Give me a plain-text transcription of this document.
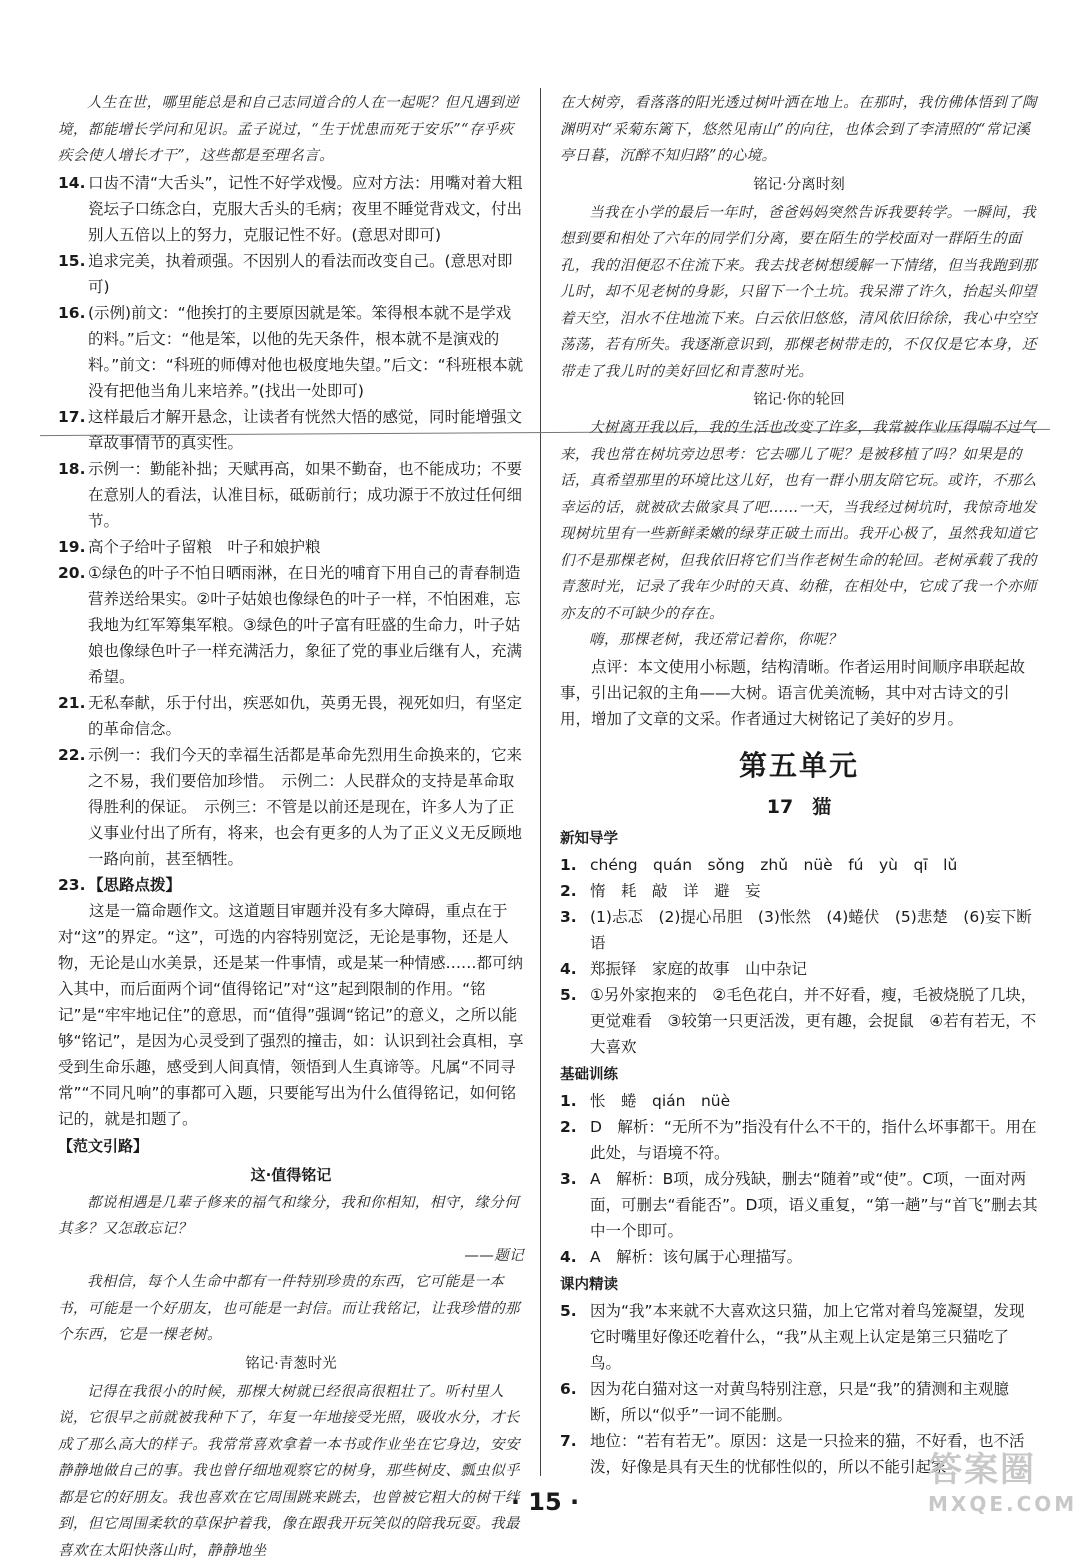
人生在世，哪里能总是和自己志同道合的人在一起呢？但凡遇到逆境，都能增长学问和见识。孟子说过，“生于忧患而死于安乐”“存乎疢疾会使人增长才干”，这些都是至理名言。

14. 口齿不清“大舌头”，记性不好学戏慢。应对方法：用嘴对着大粗瓷坛子口练念白，克服大舌头的毛病；夜里不睡觉背戏文，付出别人五倍以上的努力，克服记性不好。(意思对即可)
15. 追求完美，执着顽强。不因别人的看法而改变自己。(意思对即可)
16. (示例)前文：“他挨打的主要原因就是笨。笨得根本就不是学戏的料。”后文：“他是笨，以他的先天条件，根本就不是演戏的料。”前文：“科班的师傅对他也极度地失望。”后文：“科班根本就没有把他当角儿来培养。”(找出一处即可)
17. 这样最后才解开悬念，让读者有恍然大悟的感觉，同时能增强文章故事情节的真实性。
18. 示例一：勤能补拙；天赋再高，如果不勤奋，也不能成功；不要在意别人的看法，认准目标，砥砺前行；成功源于不放过任何细节。
19. 高个子给叶子留粮　叶子和娘护粮
20. ①绿色的叶子不怕日晒雨淋，在日光的哺育下用自己的青春制造营养送给果实。②叶子姑娘也像绿色的叶子一样，不怕困难，忘我地为红军筹集军粮。③绿色的叶子富有旺盛的生命力，叶子姑娘也像绿色叶子一样充满活力，象征了党的事业后继有人，充满希望。
21. 无私奉献，乐于付出，疾恶如仇，英勇无畏，视死如归，有坚定的革命信念。
22. 示例一：我们今天的幸福生活都是革命先烈用生命换来的，它来之不易，我们要倍加珍惜。　示例二：人民群众的支持是革命取得胜利的保证。　示例三：不管是以前还是现在，许多人为了正义事业付出了所有，将来，也会有更多的人为了正义义无反顾地一路向前，甚至牺牲。
23. 【思路点拨】

这是一篇命题作文。这道题目审题并没有多大障碍，重点在于对“这”的界定。“这”，可选的内容特别宽泛，无论是事物，还是人物，无论是山水美景，还是某一件事情，或是某一种情感……都可纳入其中，而后面两个词“值得铭记”对“这”起到限制的作用。“铭记”是“牢牢地记住”的意思，而“值得”强调“铭记”的意义，之所以能够“铭记”，是因为心灵受到了强烈的撞击，如：认识到社会真相，享受到生命乐趣，感受到人间真情，领悟到人生真谛等。凡属“不同寻常”“不同凡响”的事都可入题，只要能写出为什么值得铭记，如何铭记的，就是扣题了。

【范文引路】

这·值得铭记

都说相遇是几辈子修来的福气和缘分，我和你相知，相守，缘分何其多？又怎敢忘记？

——题记

我相信，每个人生命中都有一件特别珍贵的东西，它可能是一本书，可能是一个好朋友，也可能是一封信。而让我铭记，让我珍惜的那个东西，它是一棵老树。

铭记·青葱时光

记得在我很小的时候，那棵大树就已经很高很粗壮了。听村里人说，它很早之前就被我种下了，年复一年地接受光照，吸收水分，才长成了那么高大的样子。我常常喜欢拿着一本书或作业坐在它身边，安安静静地做自己的事。我也曾仔细地观察它的树身，那些树皮、瓢虫似乎都是它的好朋友。我也喜欢在它周围跳来跳去，也曾被它粗大的树干绊到，但它周围柔软的草保护着我，像在跟我开玩笑似的陪我玩耍。我最喜欢在太阳快落山时，静静地坐

在大树旁，看落落的阳光透过树叶洒在地上。在那时，我仿佛体悟到了陶渊明对“采菊东篱下，悠然见南山”的向往，也体会到了李清照的“常记溪亭日暮，沉醉不知归路”的心境。

铭记·分离时刻

当我在小学的最后一年时，爸爸妈妈突然告诉我要转学。一瞬间，我想到要和相处了六年的同学们分离，要在陌生的学校面对一群陌生的面孔，我的泪便忍不住流下来。我去找老树想缓解一下情绪，但当我跑到那儿时，却不见老树的身影，只留下一个土坑。我呆滞了许久，抬起头仰望着天空，泪水不住地流下来。白云依旧悠悠，清风依旧徐徐，我心中空空荡荡，若有所失。我逐渐意识到，那棵老树带走的，不仅仅是它本身，还带走了我儿时的美好回忆和青葱时光。

铭记·你的轮回

大树离开我以后，我的生活也改变了许多，我常被作业压得喘不过气来，我也常在树坑旁边思考：它去哪儿了呢？是被移植了吗？如果是的话，真希望那里的环境比这儿好，也有一群小朋友陪它玩。或许，不那么幸运的话，就被砍去做家具了吧……一天，当我经过树坑时，我惊奇地发现树坑里有一些新鲜柔嫩的绿芽正破土而出。我开心极了，虽然我知道它们不是那棵老树，但我依旧将它们当作老树生命的轮回。老树承载了我的青葱时光，记录了我年少时的天真、幼稚，在相处中，它成了我一个亦师亦友的不可缺少的存在。

嗨，那棵老树，我还常记着你，你呢？

点评：本文使用小标题，结构清晰。作者运用时间顺序串联起故事，引出记叙的主角——大树。语言优美流畅，其中对古诗文的引用，增加了文章的文采。作者通过大树铭记了美好的岁月。

第五单元

17　猫

新知导学

1. chéng　quán　sǒng　zhǔ　nüè　fú　yù　qī　lǔ
2. 惰　耗　敲　详　避　妄
3. (1)忐忑　(2)提心吊胆　(3)怅然　(4)蜷伏　(5)悲楚　(6)妄下断语
4. 郑振铎　家庭的故事　山中杂记
5. ①另外家抱来的　②毛色花白，并不好看，瘦，毛被烧脱了几块，更觉难看　③较第一只更活泼，更有趣，会捉鼠　④若有若无，不大喜欢

基础训练

1. 怅　蜷　qián　nüè
2. D　解析：“无所不为”指没有什么不干的，指什么坏事都干。用在此处，与语境不符。
3. A　解析：B项，成分残缺，删去“随着”或“使”。C项，一面对两面，可删去“看能否”。D项，语义重复，“第一趟”与“首飞”删去其中一个即可。
4. A　解析：该句属于心理描写。

课内精读

5. 因为“我”本来就不大喜欢这只猫，加上它常对着鸟笼凝望，发现它时嘴里好像还吃着什么，“我”从主观上认定是第三只猫吃了鸟。
6. 因为花白猫对这一对黄鸟特别注意，只是“我”的猜测和主观臆断，所以“似乎”一词不能删。
7. 地位：“若有若无”。原因：这是一只捡来的猫，不好看，也不活泼，好像是具有天生的忧郁性似的，所以不能引起家
· 15 ·
答案圈
MXQE.COM
